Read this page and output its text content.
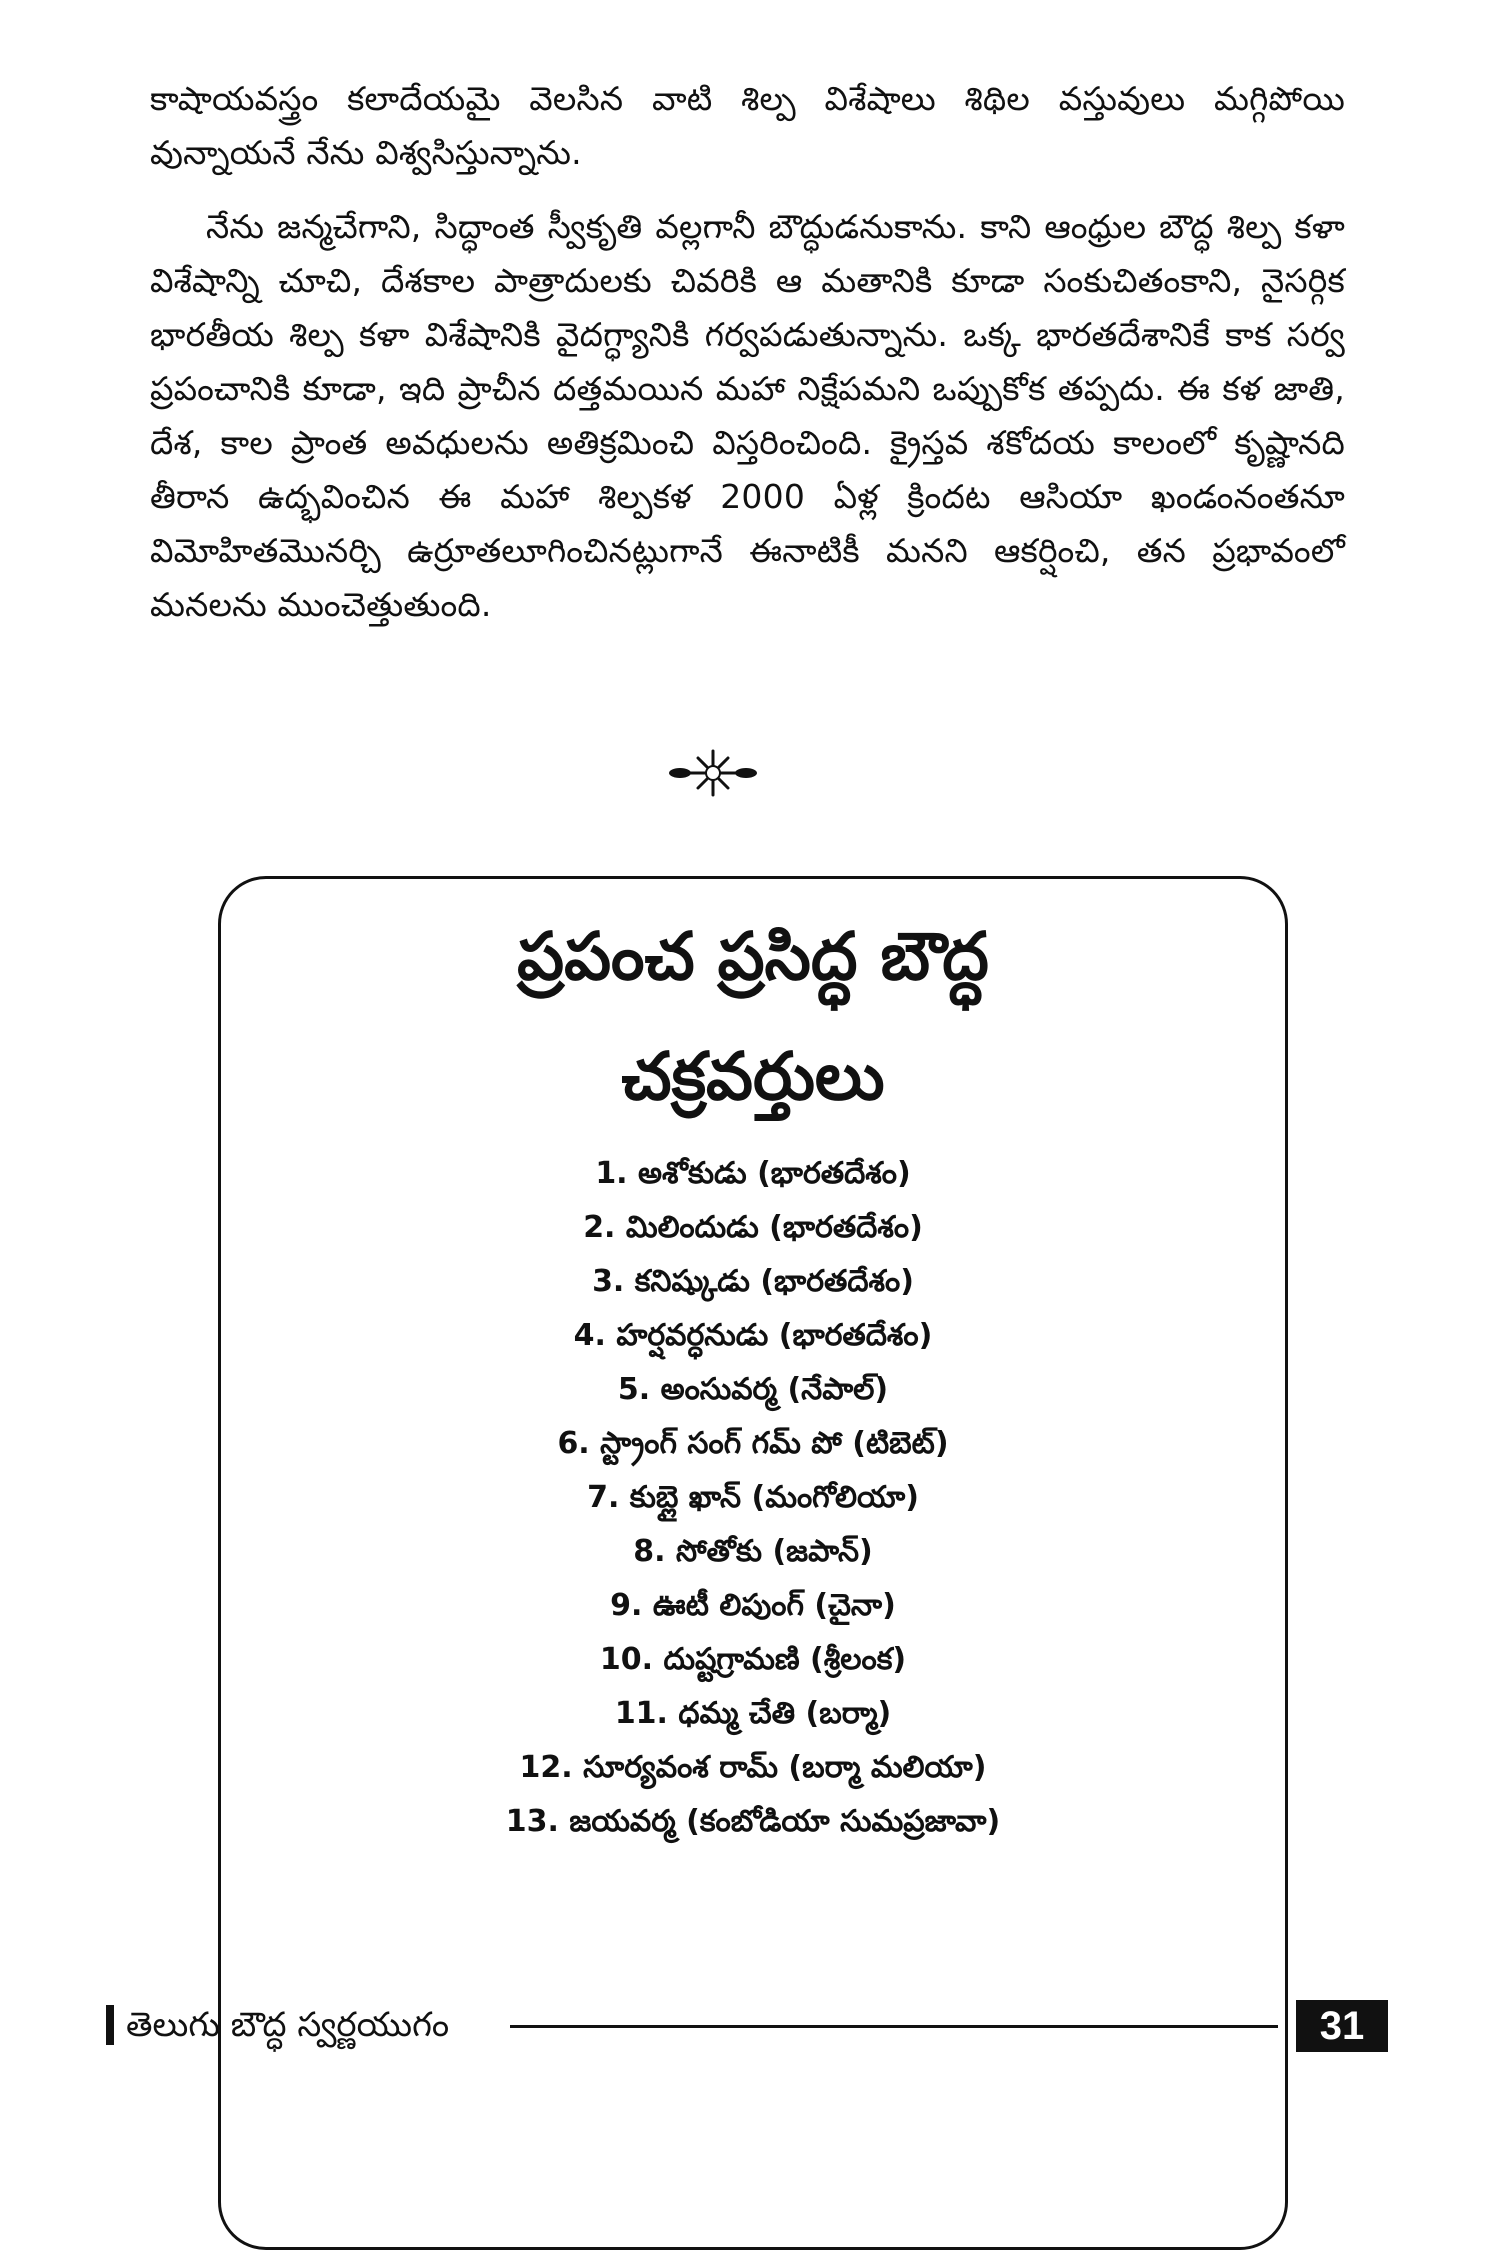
కాషాయవస్త్రం కలాదేయమై వెలసిన వాటి శిల్ప విశేషాలు శిథిల వస్తువులు మగ్గిపోయి వున్నాయనే నేను విశ్వసిస్తున్నాను.

నేను జన్మచేగాని, సిద్ధాంత స్వీకృతి వల్లగానీ బౌద్ధుడనుకాను. కాని ఆంధ్రుల బౌద్ధ శిల్ప కళా విశేషాన్ని చూచి, దేశకాల పాత్రాదులకు చివరికి ఆ మతానికి కూడా సంకుచితంకాని, నైసర్గిక భారతీయ శిల్ప కళా విశేషానికి వైదగ్ధ్యానికి గర్వపడుతున్నాను. ఒక్క భారతదేశానికే కాక సర్వ ప్రపంచానికి కూడా, ఇది ప్రాచీన దత్తమయిన మహా నిక్షేపమని ఒప్పుకోక తప్పదు. ఈ కళ జాతి, దేశ, కాల ప్రాంత అవధులను అతిక్రమించి విస్తరించింది. క్రైస్తవ శకోదయ కాలంలో కృష్ణానది తీరాన ఉద్భవించిన ఈ మహా శిల్పకళ 2000 ఏళ్ల క్రిందట ఆసియా ఖండంనంతనూ విమోహితమొనర్చి ఉర్రూతలూగించినట్లుగానే ఈనాటికీ మనని ఆకర్షించి, తన ప్రభావంలో మనలను ముంచెత్తుతుంది.

ప్రపంచ ప్రసిద్ధ బౌద్ధ
చక్రవర్తులు
1. అశోకుడు (భారతదేశం)
2. మిలిందుడు (భారతదేశం)
3. కనిష్కుడు (భారతదేశం)
4. హర్షవర్ధనుడు (భారతదేశం)
5. అంసువర్మ (నేపాల్)
6. స్ట్రాంగ్ సంగ్ గమ్ పో (టిబెట్)
7. కుబ్లై ఖాన్ (మంగోలియా)
8. సోతోకు (జపాన్)
9. ఊటీ లిపుంగ్ (చైనా)
10. దుష్టగ్రామణి (శ్రీలంక)
11. ధమ్మ చేతి (బర్మా)
12. సూర్యవంశ రామ్ (బర్మా మలియా)
13. జయవర్మ (కంబోడియా సుమప్రజావా)
తెలుగు బౌద్ధ స్వర్ణయుగం	31
